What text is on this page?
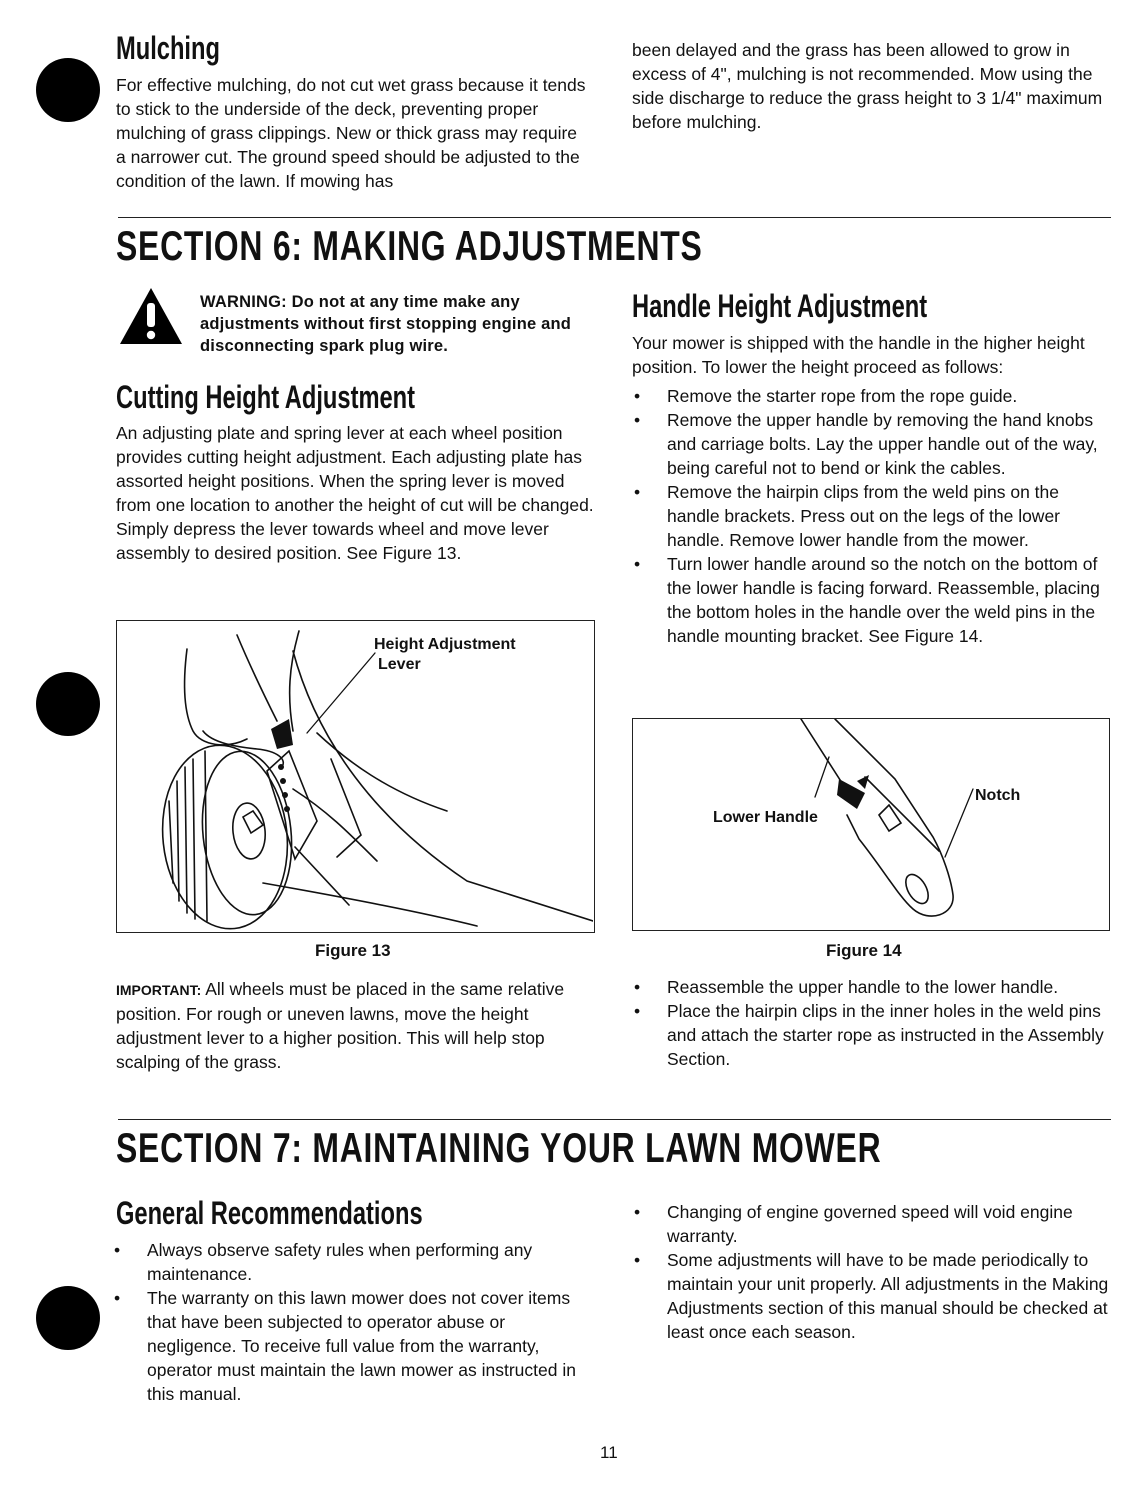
Mulching

For effective mulching, do not cut wet grass because it tends to stick to the underside of the deck, preventing proper mulching of grass clippings. New or thick grass may require a narrower cut. The ground speed should be adjusted to the condition of the lawn. If mowing has

been delayed and the grass has been allowed to grow in excess of 4", mulching is not recommended. Mow using the side discharge to reduce the grass height to 3 1/4" maximum before mulching.

SECTION 6: MAKING ADJUSTMENTS

WARNING: Do not at any time make any adjustments without first stopping engine and disconnecting spark plug wire.

Cutting Height Adjustment

An adjusting plate and spring lever at each wheel position provides cutting height adjustment. Each adjusting plate has assorted height positions. When the spring lever is moved from one location to another the height of cut will be changed. Simply depress the lever towards wheel and move lever assembly to desired position. See Figure 13.

Height Adjustment
Lever
Figure 13

IMPORTANT: All wheels must be placed in the same relative position. For rough or uneven lawns, move the height adjustment lever to a higher position. This will help stop scalping of the grass.

Handle Height Adjustment

Your mower is shipped with the handle in the higher height position. To lower the height proceed as follows:

• Remove the starter rope from the rope guide.
• Remove the upper handle by removing the hand knobs and carriage bolts. Lay the upper handle out of the way, being careful not to bend or kink the cables.
• Remove the hairpin clips from the weld pins on the handle brackets. Press out on the legs of the lower handle. Remove lower handle from the mower.
• Turn lower handle around so the notch on the bottom of the lower handle is facing forward. Reassemble, placing the bottom holes in the handle over the weld pins in the handle mounting bracket. See Figure 14.
Lower Handle
Notch
Figure 14
• Reassemble the upper handle to the lower handle.
• Place the hairpin clips in the inner holes in the weld pins and attach the starter rope as instructed in the Assembly Section.
SECTION 7: MAINTAINING YOUR LAWN MOWER
General Recommendations
• Always observe safety rules when performing any maintenance.
• The warranty on this lawn mower does not cover items that have been subjected to operator abuse or negligence. To receive full value from the warranty, operator must maintain the lawn mower as instructed in this manual.
• Changing of engine governed speed will void engine warranty.
• Some adjustments will have to be made periodically to maintain your unit properly. All adjustments in the Making Adjustments section of this manual should be checked at least once each season.
11
